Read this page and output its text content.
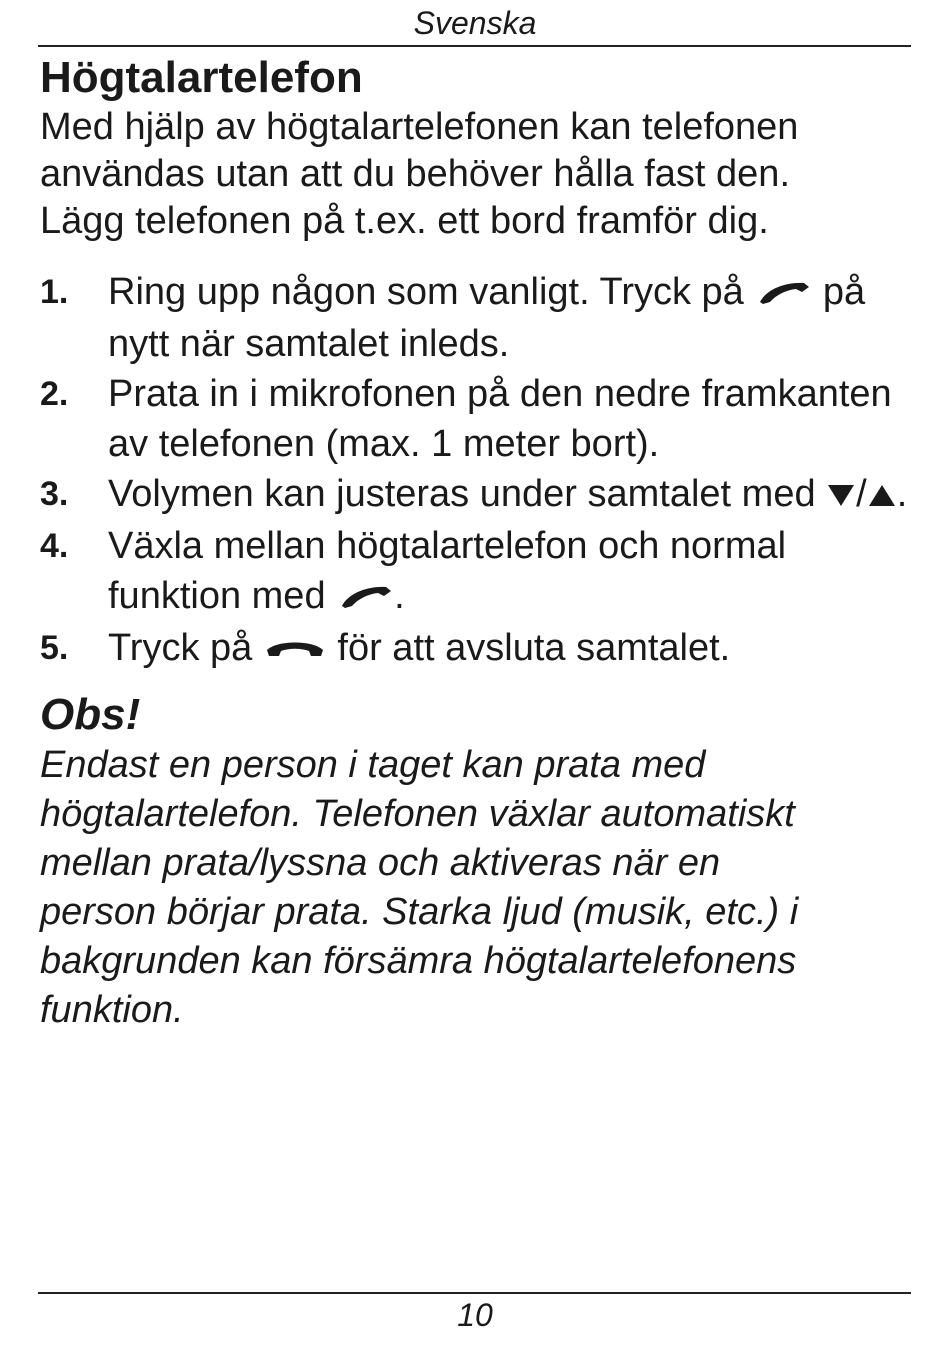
Svenska
Högtalartelefon

Med hjälp av högtalartelefonen kan telefonen
användas utan att du behöver hålla fast den.
Lägg telefonen på t.ex. ett bord framför dig.

1. Ring upp någon som vanligt. Tryck på  på nytt när samtalet inleds.
2. Prata in i mikrofonen på den nedre framkanten av telefonen (max. 1 meter bort).
3. Volymen kan justeras under samtalet med / .
4. Växla mellan högtalartelefon och normal funktion med .
5. Tryck på  för att avsluta samtalet.
Obs!

Endast en person i taget kan prata med
högtalartelefon. Telefonen växlar automatiskt
mellan prata/lyssna och aktiveras när en
person börjar prata. Starka ljud (musik, etc.) i
bakgrunden kan försämra högtalartelefonens
funktion.

10
